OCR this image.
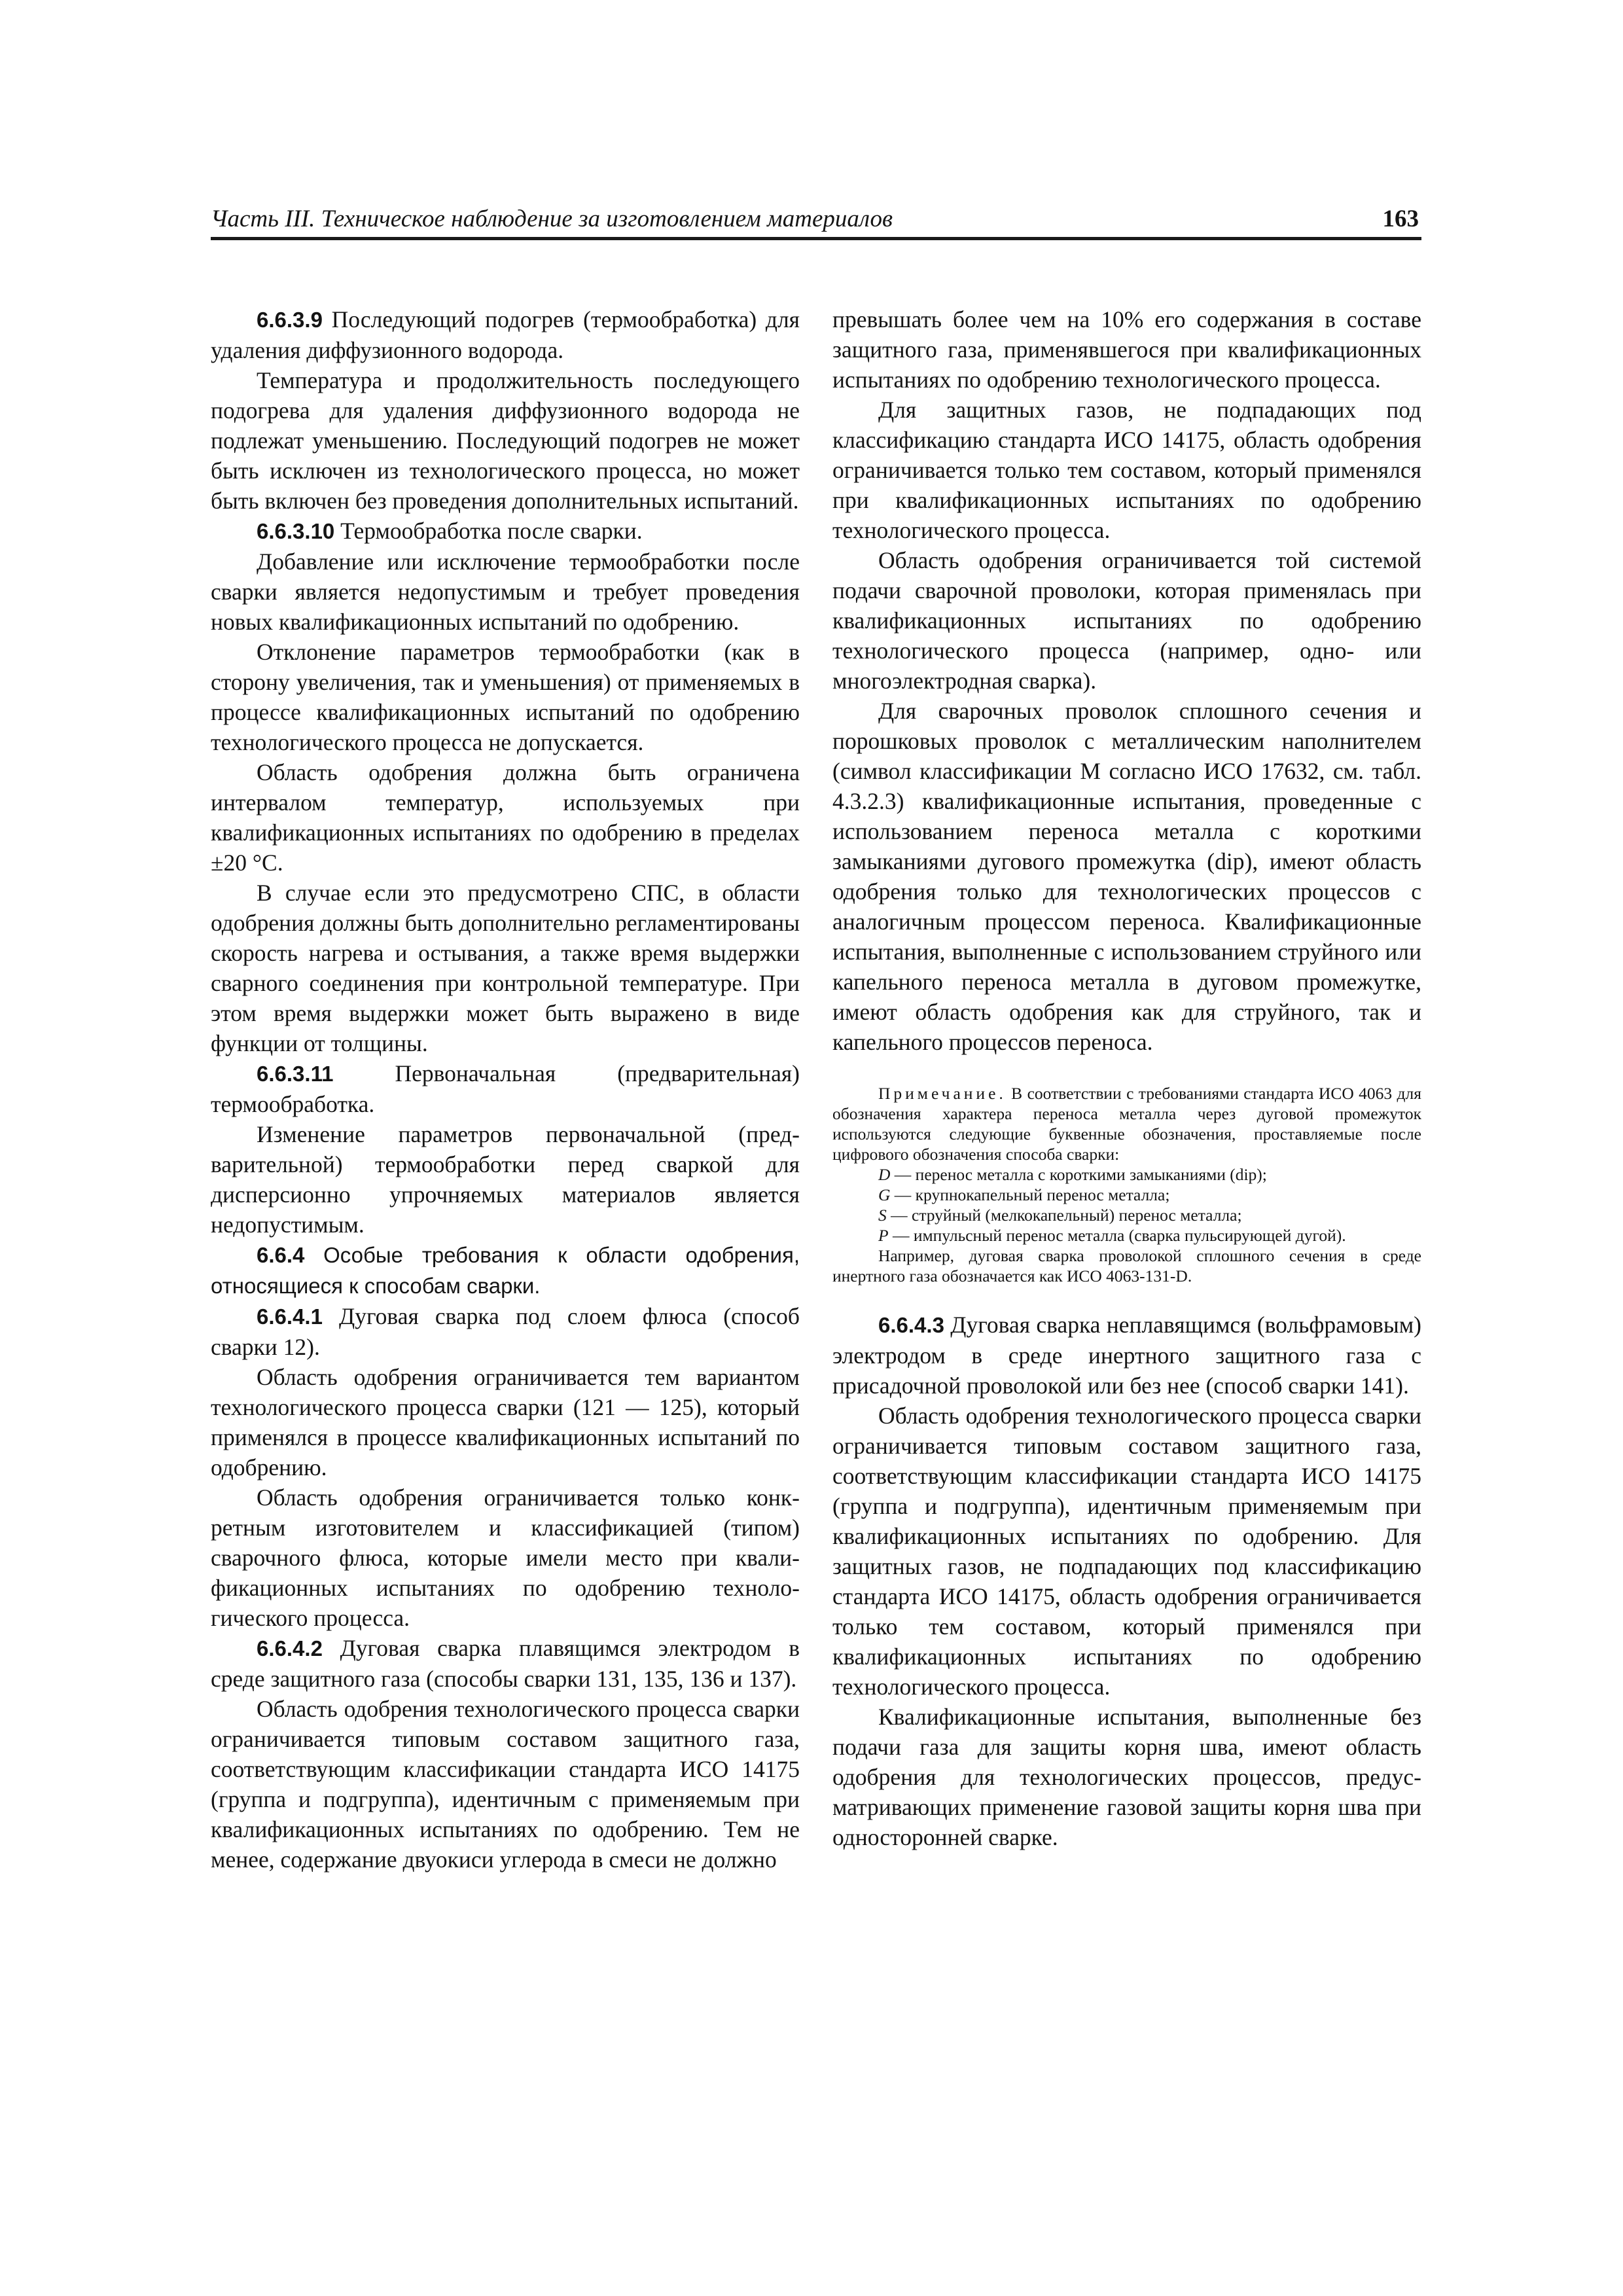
Часть III. Техническое наблюдение за изготовлением материалов	163

6.6.3.9 Последующий подогрев (термообработка) для удаления диффузионного водорода.

Температура и продолжительность последующего подогрева для удаления диффузионного водорода не подлежат уменьшению. Последующий подогрев не может быть исключен из технологического процесса, но может быть включен без проведения дополнительных испытаний.

6.6.3.10 Термообработка после сварки.

Добавление или исключение термообработки после сварки является недопустимым и требует проведения новых квалификационных испытаний по одобрению.

Отклонение параметров термообработки (как в сторону увеличения, так и уменьшения) от применяемых в процессе квалификационных испытаний по одобрению технологического процесса не допускается.

Область одобрения должна быть ограничена интервалом температур, используемых при квалификационных испытаниях по одобрению в пределах ±20 °С.

В случае если это предусмотрено СПС, в области одобрения должны быть дополнительно регламентированы скорость нагрева и остывания, а также время выдержки сварного соединения при контрольной температуре. При этом время выдержки может быть выражено в виде функции от толщины.

6.6.3.11 Первоначальная (предварительная) термообработка.

Изменение параметров первоначальной (предварительной) термообработки перед сваркой для дисперсионно упрочняемых материалов является недопустимым.

6.6.4 Особые требования к области одобрения, относящиеся к способам сварки.

6.6.4.1 Дуговая сварка под слоем флюса (способ сварки 12).

Область одобрения ограничивается тем вариантом технологического процесса сварки (121 — 125), который применялся в процессе квалификационных испытаний по одобрению.

Область одобрения ограничивается только конкретным изготовителем и классификацией (типом) сварочного флюса, которые имели место при квалификационных испытаниях по одобрению технологического процесса.

6.6.4.2 Дуговая сварка плавящимся электродом в среде защитного газа (способы сварки 131, 135, 136 и 137).

Область одобрения технологического процесса сварки ограничивается типовым составом защитного газа, соответствующим классификации стандарта ИСО 14175 (группа и подгруппа), идентичным с применяемым при квалификационных испытаниях по одобрению. Тем не менее, содержание двуокиси углерода в смеси не должно

превышать более чем на 10% его содержания в составе защитного газа, применявшегося при квалификационных испытаниях по одобрению технологического процесса.

Для защитных газов, не подпадающих под классификацию стандарта ИСО 14175, область одобрения ограничивается только тем составом, который применялся при квалификационных испытаниях по одобрению технологического процесса.

Область одобрения ограничивается той системой подачи сварочной проволоки, которая применялась при квалификационных испытаниях по одобрению технологического процесса (например, одно- или многоэлектродная сварка).

Для сварочных проволок сплошного сечения и порошковых проволок с металлическим наполнителем (символ классификации М согласно ИСО 17632, см. табл. 4.3.2.3) квалификационные испытания, проведенные с использованием переноса металла с короткими замыканиями дугового промежутка (dip), имеют область одобрения только для технологических процессов с аналогичным процессом переноса. Квалификационные испытания, выполненные с использованием струйного или капельного переноса металла в дуговом промежутке, имеют область одобрения как для струйного, так и капельного процессов переноса.

Примечание. В соответствии с требованиями стандарта ИСО 4063 для обозначения характера переноса металла через дуговой промежуток используются следующие буквенные обозначения, проставляемые после цифрового обозначения способа сварки:

D — перенос металла с короткими замыканиями (dip);

G — крупнокапельный перенос металла;

S — струйный (мелкокапельный) перенос металла;

P — импульсный перенос металла (сварка пульсирующей дугой).

Например, дуговая сварка проволокой сплошного сечения в среде инертного газа обозначается как ИСО 4063-131-D.

6.6.4.3 Дуговая сварка неплавящимся (вольфрамовым) электродом в среде инертного защитного газа с присадочной проволокой или без нее (способ сварки 141).

Область одобрения технологического процесса сварки ограничивается типовым составом защитного газа, соответствующим классификации стандарта ИСО 14175 (группа и подгруппа), идентичным применяемым при квалификационных испытаниях по одобрению. Для защитных газов, не подпадающих под классификацию стандарта ИСО 14175, область одобрения ограничивается только тем составом, который применялся при квалификационных испытаниях по одобрению технологического процесса.

Квалификационные испытания, выполненные без подачи газа для защиты корня шва, имеют область одобрения для технологических процессов, предусматривающих применение газовой защиты корня шва при односторонней сварке.
